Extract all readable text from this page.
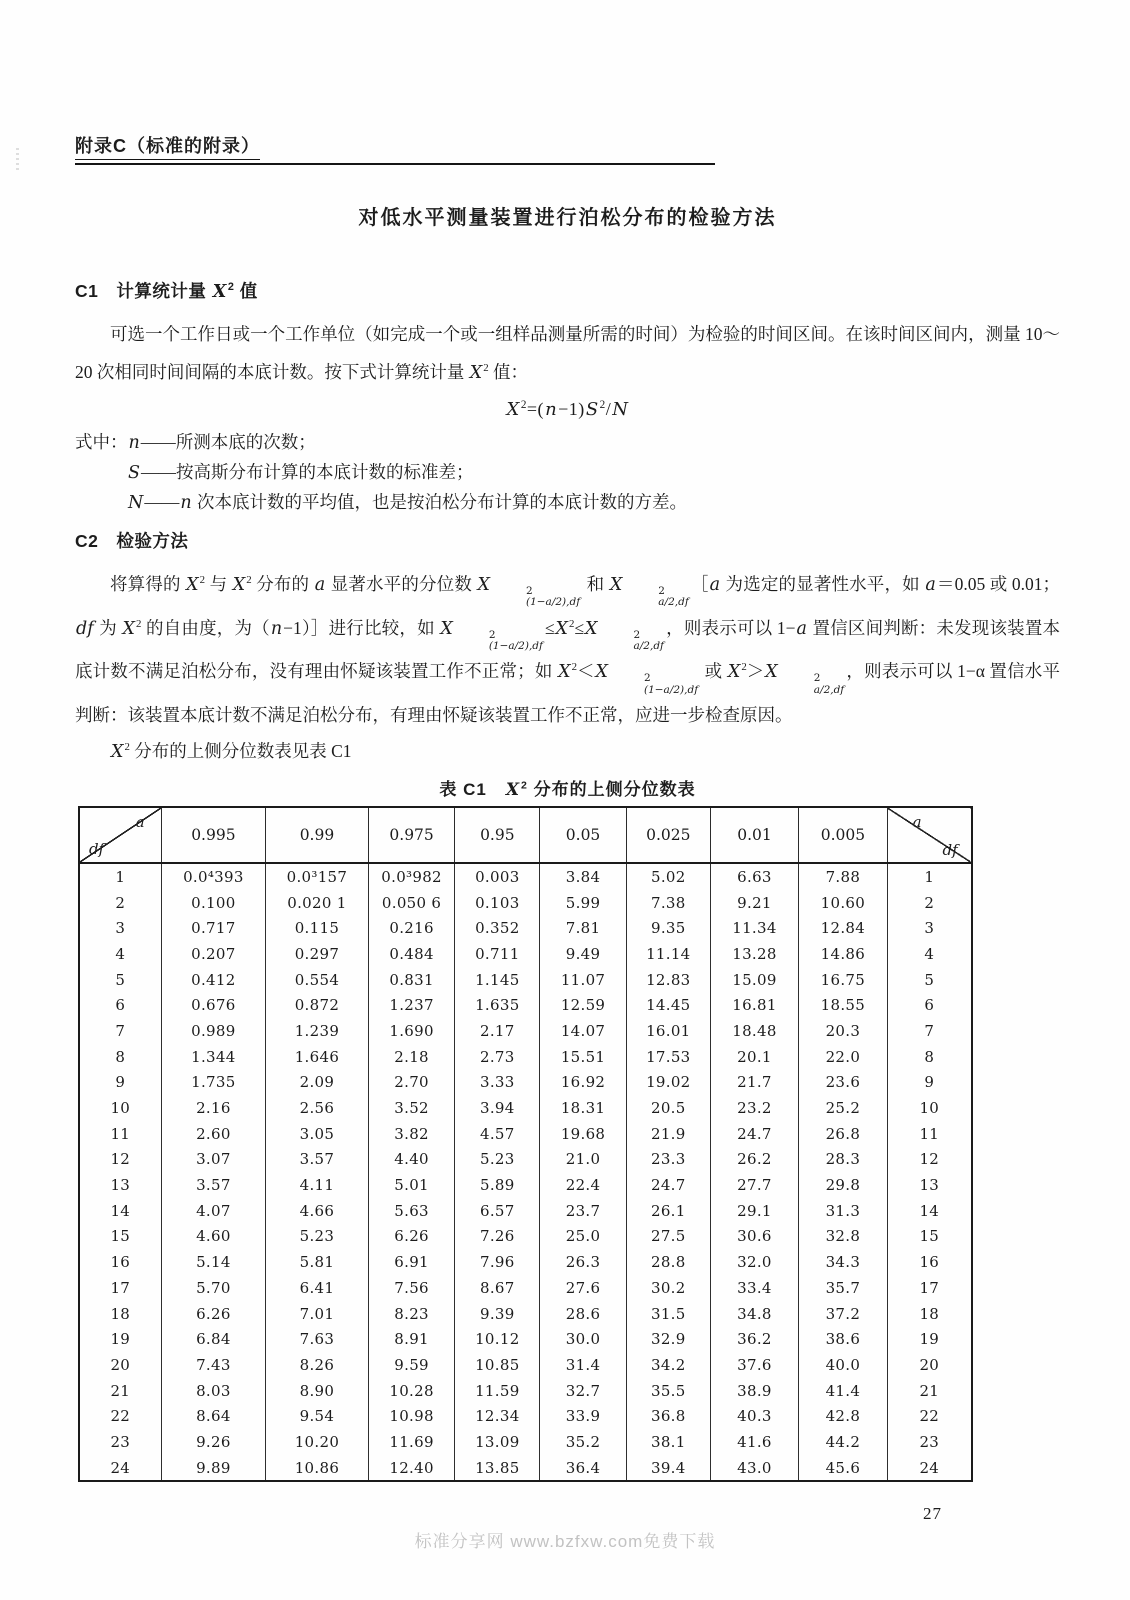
附录C（标准的附录）
对低水平测量装置进行泊松分布的检验方法
C1　计算统计量 $X^2$ 值

可选一个工作日或一个工作单位（如完成一个或一组样品测量所需的时间）为检验的时间区间。在该时间区间内，测量 10～20 次相同时间间隔的本底计数。按下式计算统计量 $X^2$ 值：

$X^2=(n-1)S^2/N$
式中：n——所测本底的次数；
S——按高斯分布计算的本底计数的标准差；
N——n 次本底计数的平均值，也是按泊松分布计算的本底计数的方差。
C2　检验方法

将算得的 $X^2$ 与 $X^2$ 分布的 a 显著水平的分位数 X	2
(1−a/2),df
和 X	2
a/2,df
［a 为选定的显著性水平，如 a＝0.05 或 0.01；df 为 $X^2$ 的自由度，为（n−1）］进行比较，如 X	2
(1−a/2),df
$\le X^2\le X$	2
a/2,df
，则表示可以 1−a 置信区间判断：未发现该装置本底计数不满足泊松分布，没有理由怀疑该装置工作不正常；如 $X^2<X$	2
(1−a/2),df
或 $X^2>X$	2
a/2,df
，则表示可以 1−α 置信水平判断：该装置本底计数不满足泊松分布，有理由怀疑该装置工作不正常，应进一步检查原因。

$X^2$ 分布的上侧分位数表见表 C1
表 C1　$X^2$ 分布的上侧分位数表
a
df	0.995	0.99	0.975	0.95	0.05	0.025	0.01	0.005	a
df

1	0.0⁴393	0.0³157	0.0³982	0.003	3.84	5.02	6.63	7.88	1
2	0.100	0.020 1	0.050 6	0.103	5.99	7.38	9.21	10.60	2
3	0.717	0.115	0.216	0.352	7.81	9.35	11.34	12.84	3
4	0.207	0.297	0.484	0.711	9.49	11.14	13.28	14.86	4
5	0.412	0.554	0.831	1.145	11.07	12.83	15.09	16.75	5
6	0.676	0.872	1.237	1.635	12.59	14.45	16.81	18.55	6
7	0.989	1.239	1.690	2.17	14.07	16.01	18.48	20.3	7
8	1.344	1.646	2.18	2.73	15.51	17.53	20.1	22.0	8
9	1.735	2.09	2.70	3.33	16.92	19.02	21.7	23.6	9
10	2.16	2.56	3.52	3.94	18.31	20.5	23.2	25.2	10
11	2.60	3.05	3.82	4.57	19.68	21.9	24.7	26.8	11
12	3.07	3.57	4.40	5.23	21.0	23.3	26.2	28.3	12
13	3.57	4.11	5.01	5.89	22.4	24.7	27.7	29.8	13
14	4.07	4.66	5.63	6.57	23.7	26.1	29.1	31.3	14
15	4.60	5.23	6.26	7.26	25.0	27.5	30.6	32.8	15
16	5.14	5.81	6.91	7.96	26.3	28.8	32.0	34.3	16
17	5.70	6.41	7.56	8.67	27.6	30.2	33.4	35.7	17
18	6.26	7.01	8.23	9.39	28.6	31.5	34.8	37.2	18
19	6.84	7.63	8.91	10.12	30.0	32.9	36.2	38.6	19
20	7.43	8.26	9.59	10.85	31.4	34.2	37.6	40.0	20
21	8.03	8.90	10.28	11.59	32.7	35.5	38.9	41.4	21
22	8.64	9.54	10.98	12.34	33.9	36.8	40.3	42.8	22
23	9.26	10.20	11.69	13.09	35.2	38.1	41.6	44.2	23
24	9.89	10.86	12.40	13.85	36.4	39.4	43.0	45.6	24
27
标准分享网 www.bzfxw.com免费下载
